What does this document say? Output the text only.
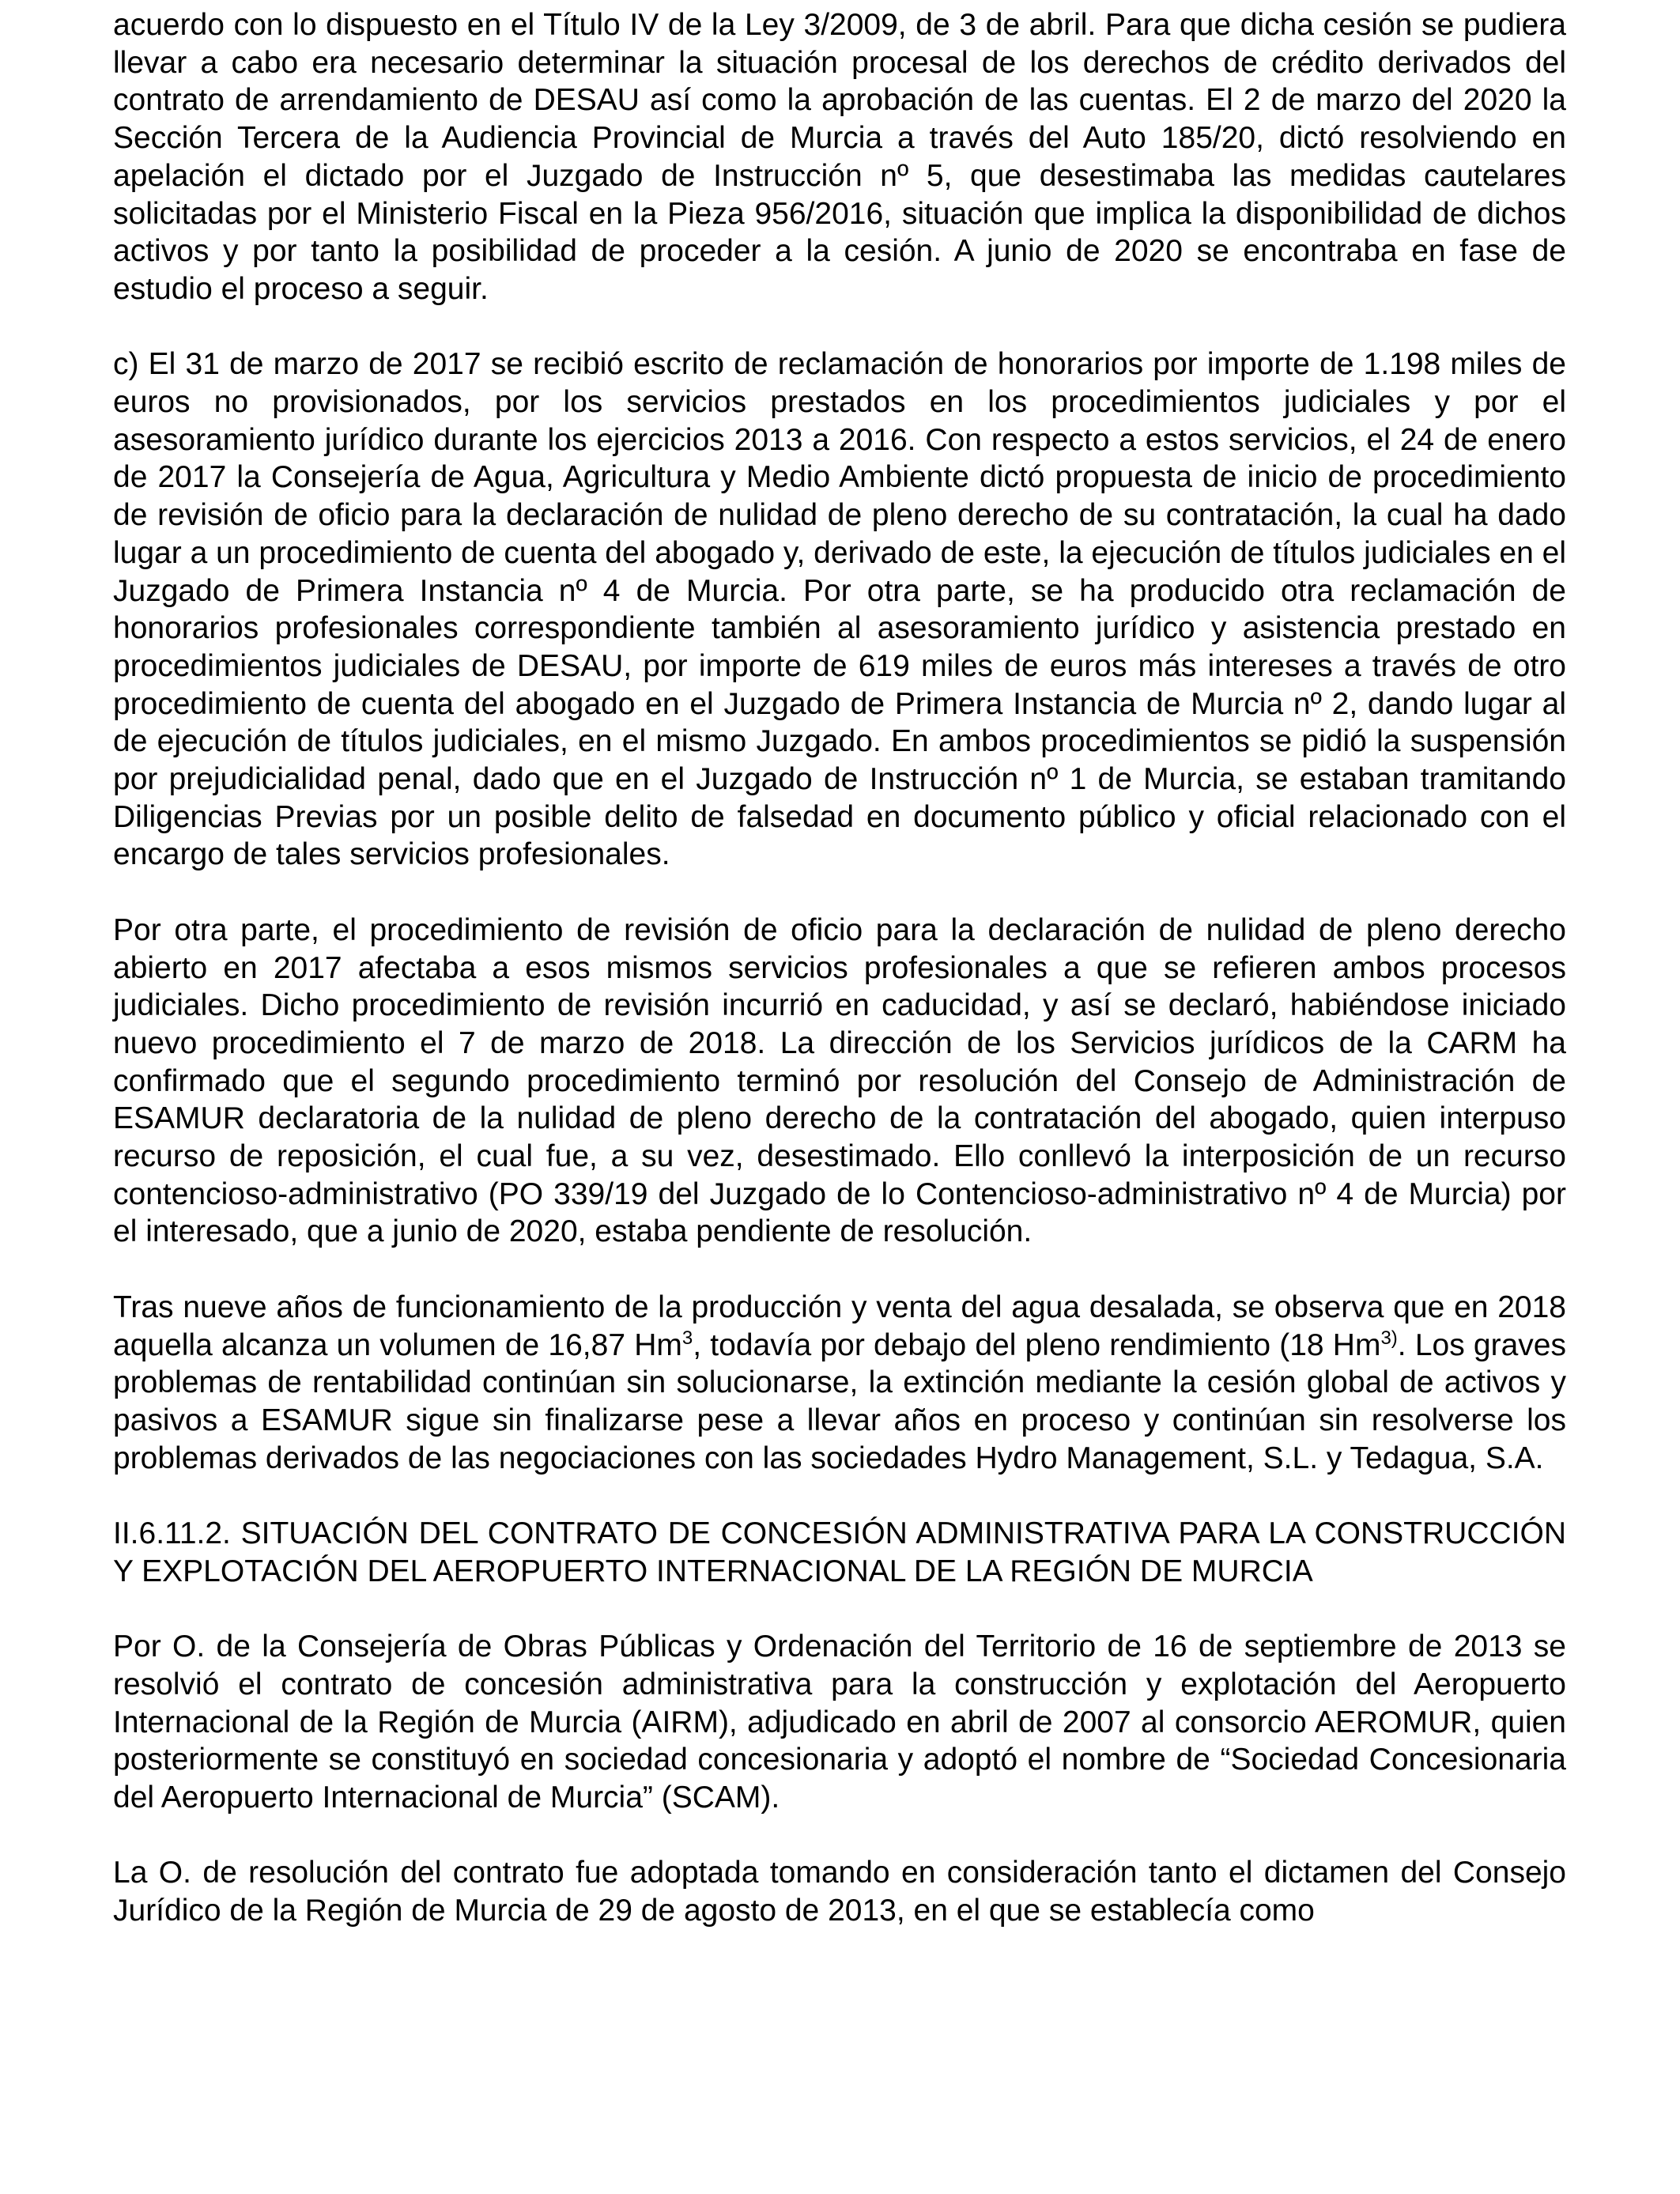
acuerdo con lo dispuesto en el Título IV de la Ley 3/2009, de 3 de abril. Para que dicha cesión se pudiera llevar a cabo era necesario determinar la situación procesal de los derechos de crédito derivados del contrato de arrendamiento de DESAU así como la aprobación de las cuentas. El 2 de marzo del 2020 la Sección Tercera de la Audiencia Provincial de Murcia a través del Auto 185/20, dictó resolviendo en apelación el dictado por el Juzgado de Instrucción nº 5, que desestimaba las medidas cautelares solicitadas por el Ministerio Fiscal en la Pieza 956/2016, situación que implica la disponibilidad de dichos activos y por tanto la posibilidad de proceder a la cesión. A junio de 2020 se encontraba en fase de estudio el proceso a seguir.

c) El 31 de marzo de 2017 se recibió escrito de reclamación de honorarios por importe de 1.198 miles de euros no provisionados, por los servicios prestados en los procedimientos judiciales y por el asesoramiento jurídico durante los ejercicios 2013 a 2016. Con respecto a estos servicios, el 24 de enero de 2017 la Consejería de Agua, Agricultura y Medio Ambiente dictó propuesta de inicio de procedimiento de revisión de oficio para la declaración de nulidad de pleno derecho de su contratación, la cual ha dado lugar a un procedimiento de cuenta del abogado y, derivado de este, la ejecución de títulos judiciales en el Juzgado de Primera Instancia nº 4 de Murcia. Por otra parte, se ha producido otra reclamación de honorarios profesionales correspondiente también al asesoramiento jurídico y asistencia prestado en procedimientos judiciales de DESAU, por importe de 619 miles de euros más intereses a través de otro procedimiento de cuenta del abogado en el Juzgado de Primera Instancia de Murcia nº 2, dando lugar al de ejecución de títulos judiciales, en el mismo Juzgado. En ambos procedimientos se pidió la suspensión por prejudicialidad penal, dado que en el Juzgado de Instrucción nº 1 de Murcia, se estaban tramitando Diligencias Previas por un posible delito de falsedad en documento público y oficial relacionado con el encargo de tales servicios profesionales.

Por otra parte, el procedimiento de revisión de oficio para la declaración de nulidad de pleno derecho abierto en 2017 afectaba a esos mismos servicios profesionales a que se refieren ambos procesos judiciales. Dicho procedimiento de revisión incurrió en caducidad, y así se declaró, habiéndose iniciado nuevo procedimiento el 7 de marzo de 2018. La dirección de los Servicios jurídicos de la CARM ha confirmado que el segundo procedimiento terminó por resolución del Consejo de Administración de ESAMUR declaratoria de la nulidad de pleno derecho de la contratación del abogado, quien interpuso recurso de reposición, el cual fue, a su vez, desestimado. Ello conllevó la interposición de un recurso contencioso-administrativo (PO 339/19 del Juzgado de lo Contencioso-administrativo nº 4 de Murcia) por el interesado, que a junio de 2020, estaba pendiente de resolución.

Tras nueve años de funcionamiento de la producción y venta del agua desalada, se observa que en 2018 aquella alcanza un volumen de 16,87 Hm$^3$, todavía por debajo del pleno rendimiento (18 Hm$^{3)}$. Los graves problemas de rentabilidad continúan sin solucionarse, la extinción mediante la cesión global de activos y pasivos a ESAMUR sigue sin finalizarse pese a llevar años en proceso y continúan sin resolverse los problemas derivados de las negociaciones con las sociedades Hydro Management, S.L. y Tedagua, S.A.

II.6.11.2. SITUACIÓN DEL CONTRATO DE CONCESIÓN ADMINISTRATIVA PARA LA CONSTRUCCIÓN Y EXPLOTACIÓN DEL AEROPUERTO INTERNACIONAL DE LA REGIÓN DE MURCIA

Por O. de la Consejería de Obras Públicas y Ordenación del Territorio de 16 de septiembre de 2013 se resolvió el contrato de concesión administrativa para la construcción y explotación del Aeropuerto Internacional de la Región de Murcia (AIRM), adjudicado en abril de 2007 al consorcio AEROMUR, quien posteriormente se constituyó en sociedad concesionaria y adoptó el nombre de “Sociedad Concesionaria del Aeropuerto Internacional de Murcia” (SCAM).

La O. de resolución del contrato fue adoptada tomando en consideración tanto el dictamen del Consejo Jurídico de la Región de Murcia de 29 de agosto de 2013, en el que se establecía como
